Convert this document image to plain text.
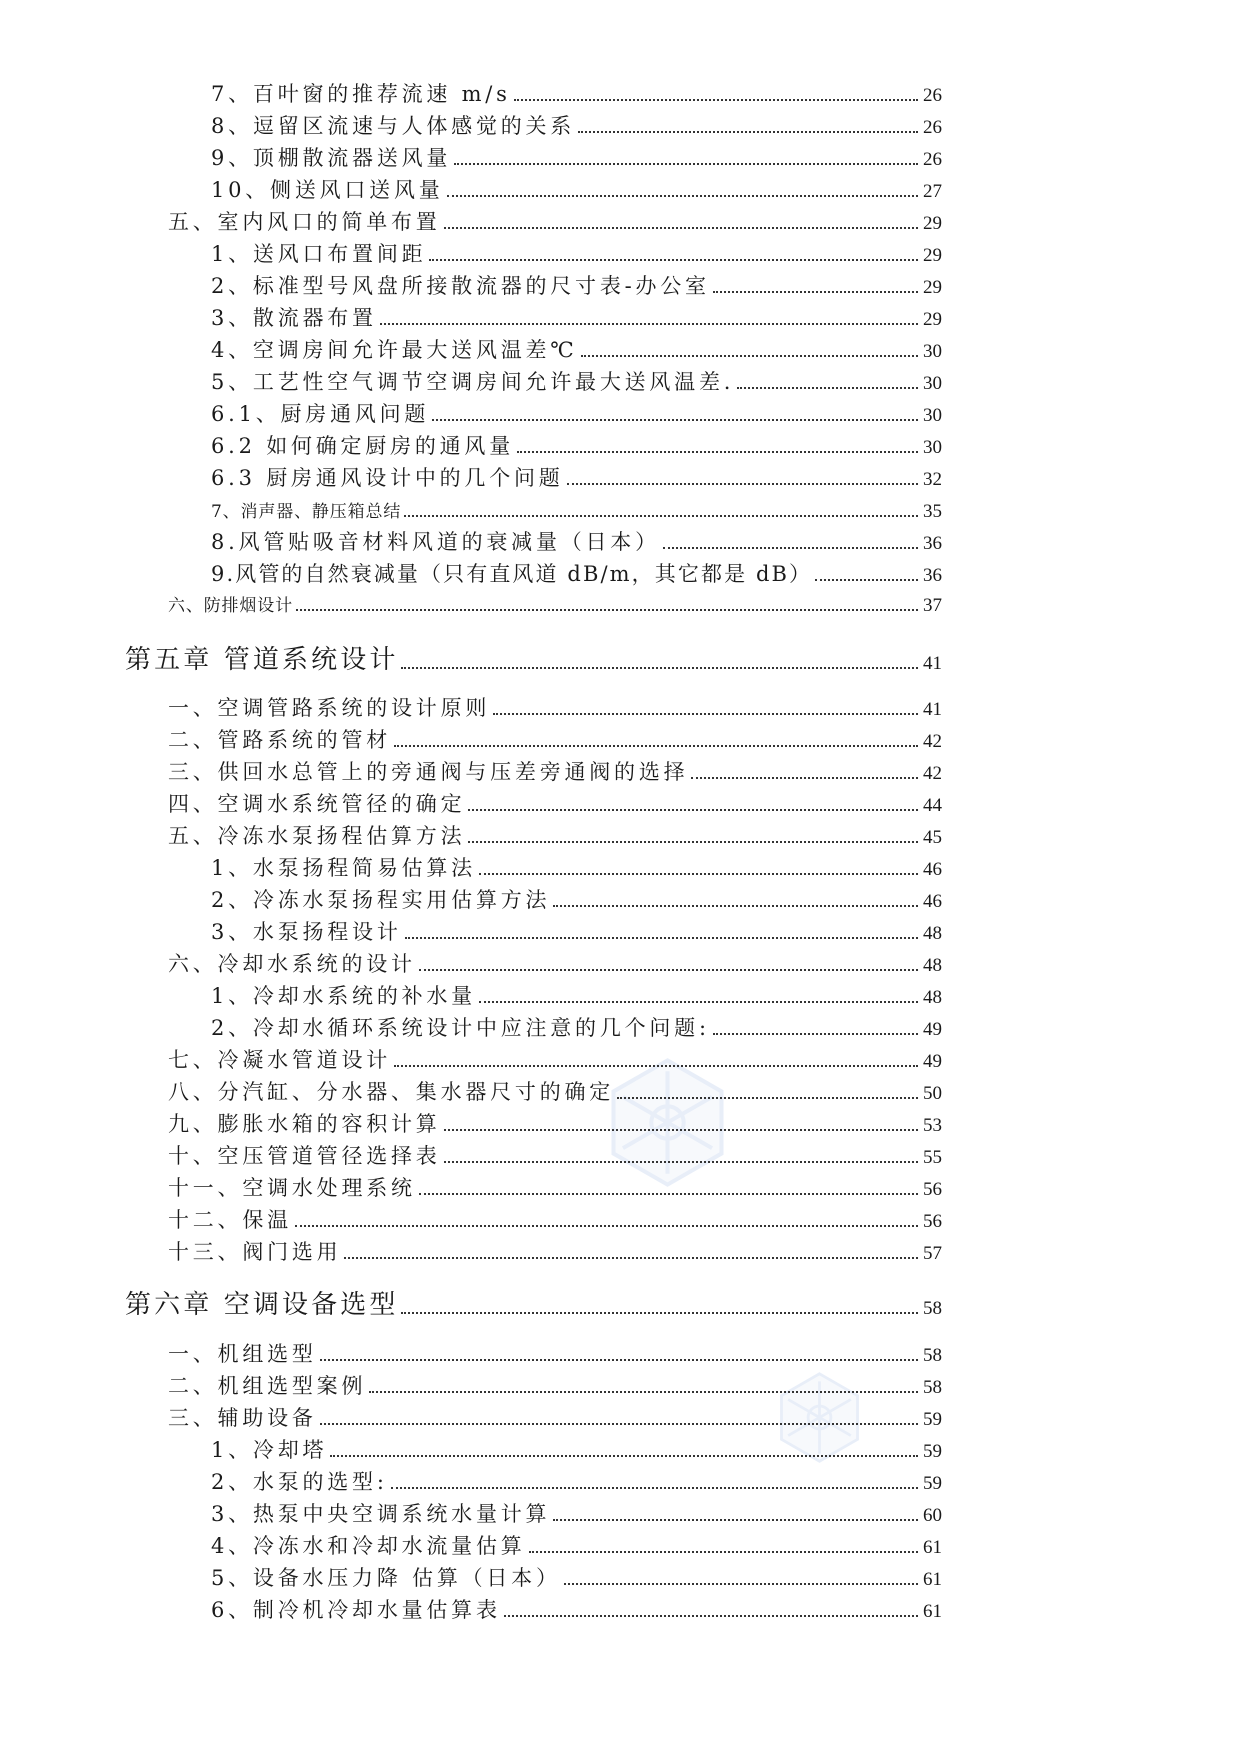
7、百叶窗的推荐流速 m/s	26
8、逗留区流速与人体感觉的关系	26
9、顶棚散流器送风量	26
10、侧送风口送风量	27
五、室内风口的简单布置	29
1、送风口布置间距	29
2、标准型号风盘所接散流器的尺寸表-办公室	29
3、散流器布置	29
4、空调房间允许最大送风温差℃	30
5、工艺性空气调节空调房间允许最大送风温差.	30
6.1、厨房通风问题	30
6.2 如何确定厨房的通风量	30
6.3 厨房通风设计中的几个问题	32
7、消声器、静压箱总结	35
8.风管贴吸音材料风道的衰减量（日本）	36
9.风管的自然衰减量（只有直风道 dB/m，其它都是 dB）	36
六、防排烟设计	37
第五章 管道系统设计	41
一、空调管路系统的设计原则	41
二、管路系统的管材	42
三、供回水总管上的旁通阀与压差旁通阀的选择	42
四、空调水系统管径的确定	44
五、冷冻水泵扬程估算方法	45
1、水泵扬程简易估算法	46
2、冷冻水泵扬程实用估算方法	46
3、水泵扬程设计	48
六、冷却水系统的设计	48
1、冷却水系统的补水量	48
2、冷却水循环系统设计中应注意的几个问题:	49
七、冷凝水管道设计	49
八、分汽缸、分水器、集水器尺寸的确定	50
九、膨胀水箱的容积计算	53
十、空压管道管径选择表	55
十一、空调水处理系统	56
十二、保温	56
十三、阀门选用	57
第六章 空调设备选型	58
一、机组选型	58
二、机组选型案例	58
三、辅助设备	59
1、冷却塔	59
2、水泵的选型:	59
3、热泵中央空调系统水量计算	60
4、冷冻水和冷却水流量估算	61
5、设备水压力降 估算（日本）	61
6、制冷机冷却水量估算表	61
